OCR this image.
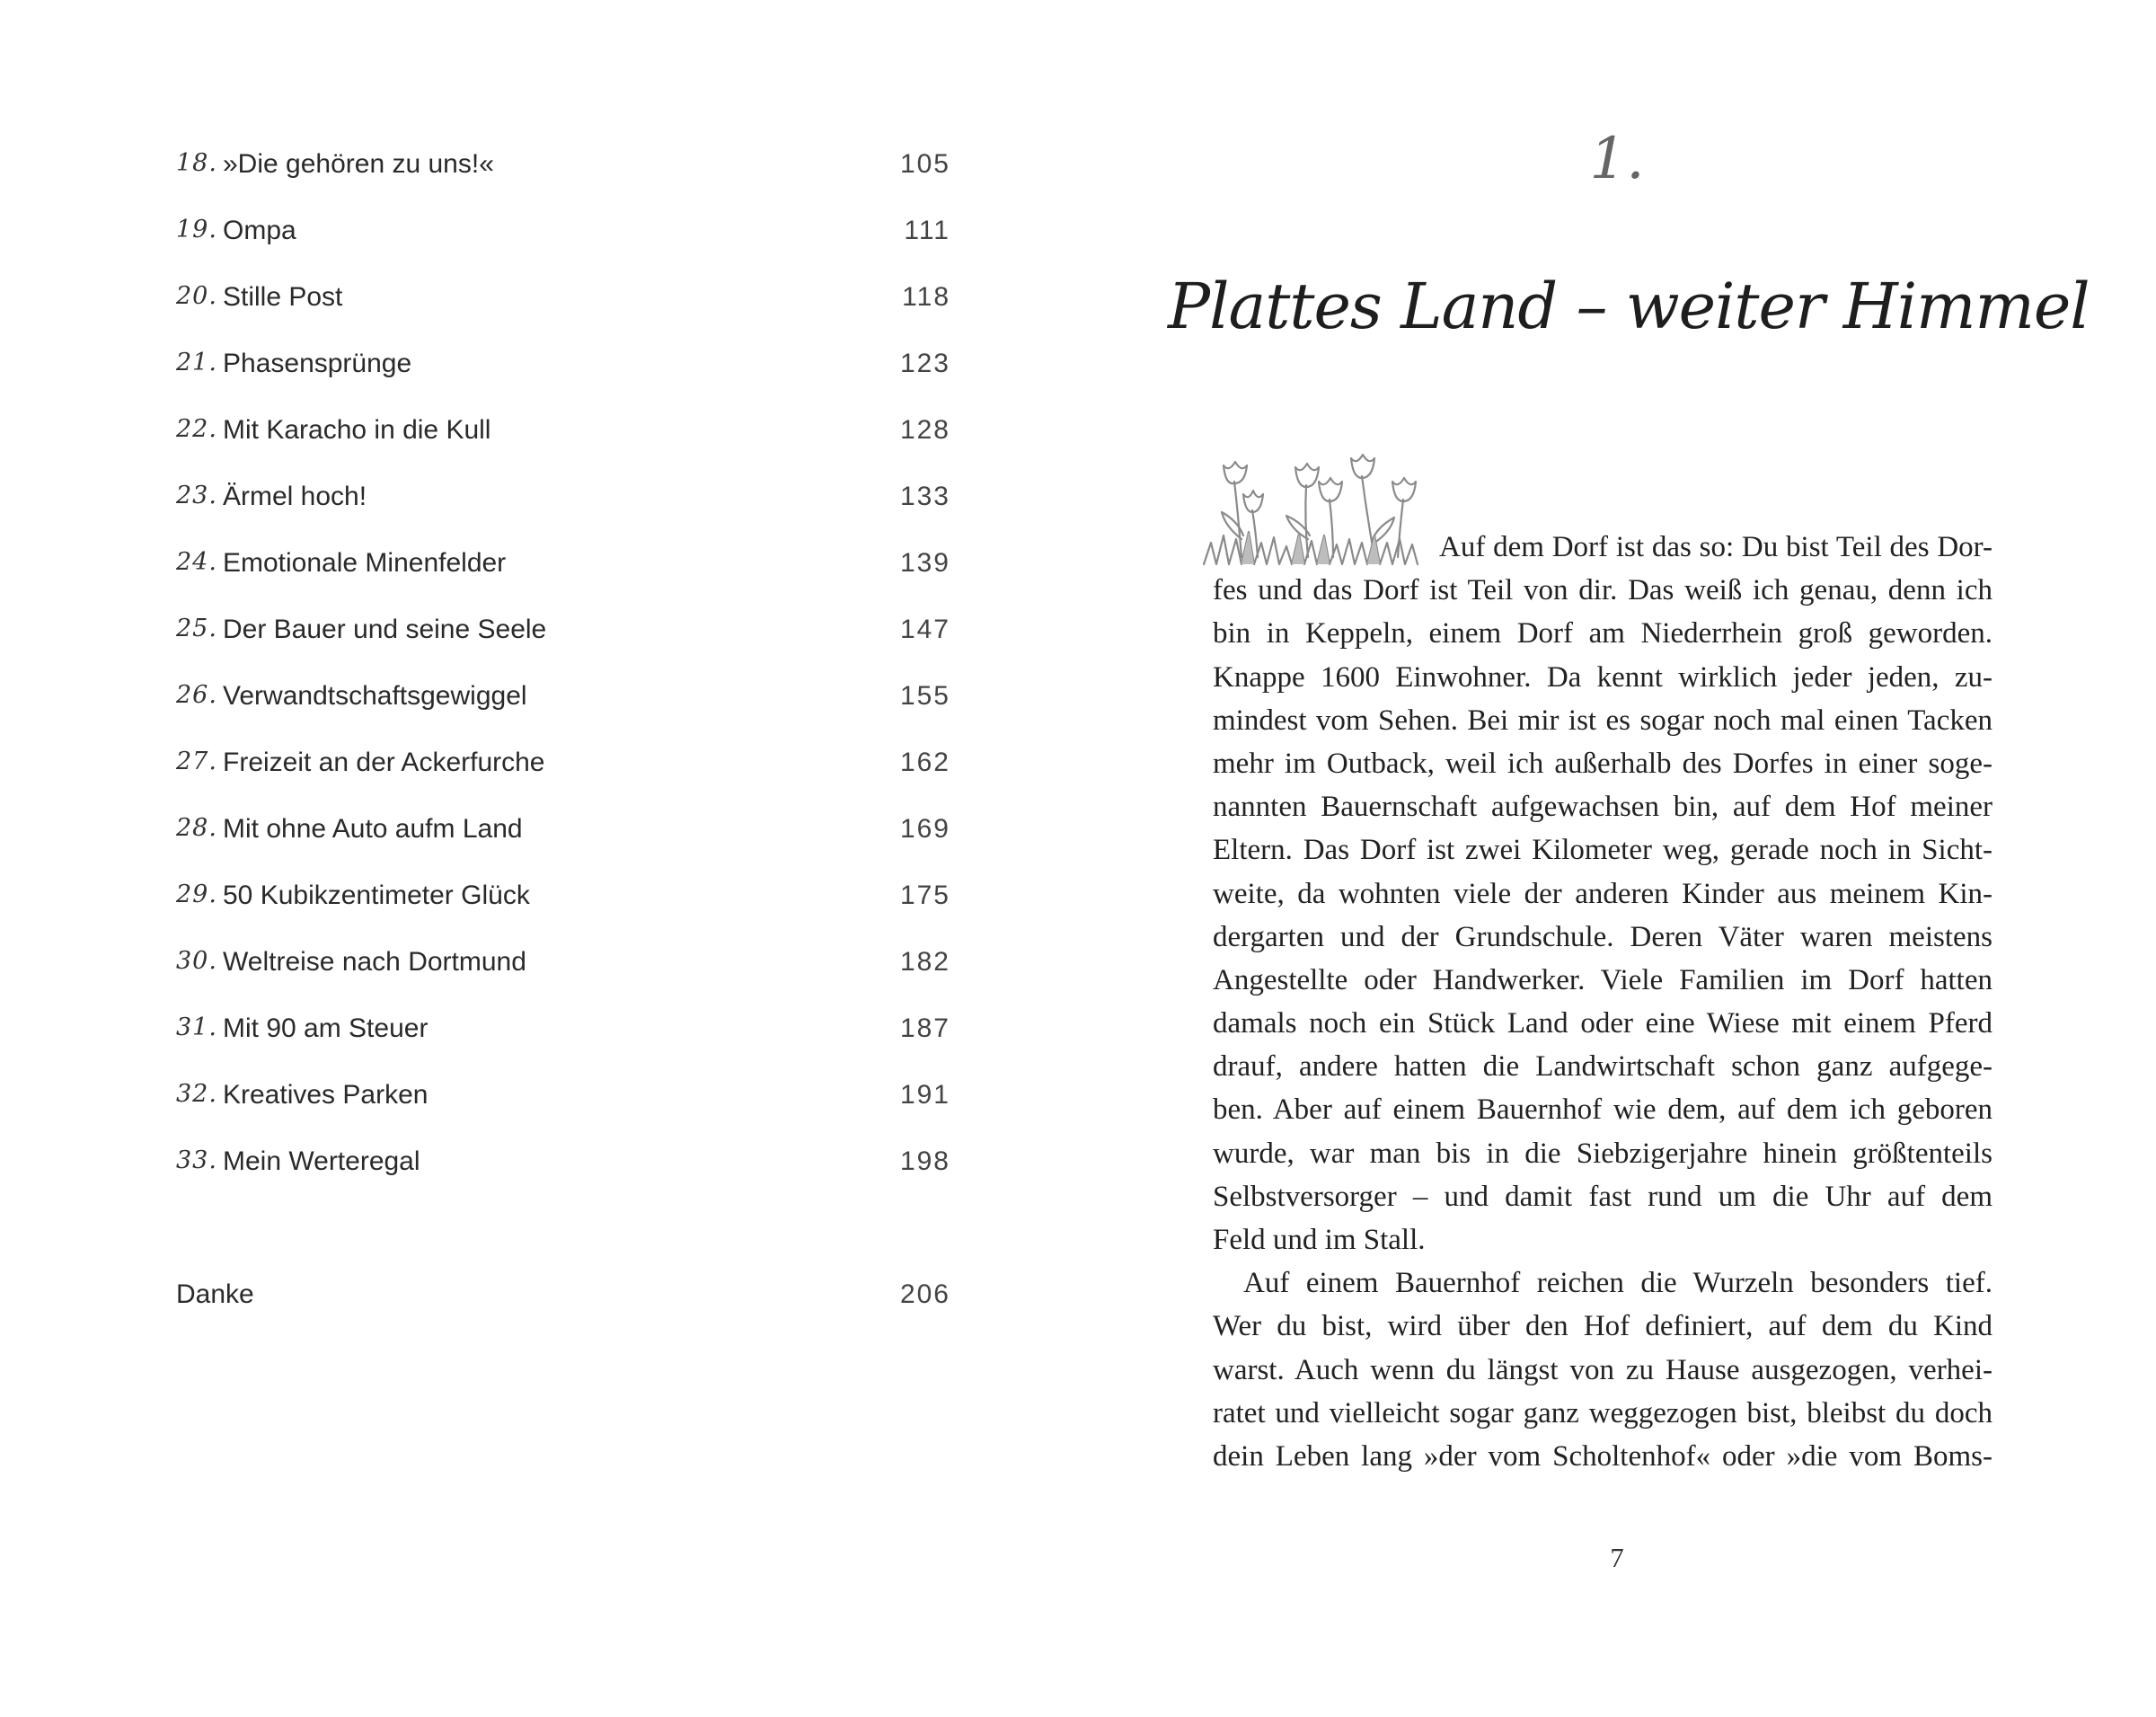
18. »Die gehören zu uns!«	105
19. Ompa	111
20. Stille Post	118
21. Phasensprünge	123
22. Mit Karacho in die Kull	128
23. Ärmel hoch!	133
24. Emotionale Minenfelder	139
25. Der Bauer und seine Seele	147
26. Verwandtschaftsgewiggel	155
27. Freizeit an der Ackerfurche	162
28. Mit ohne Auto aufm Land	169
29. 50 Kubikzentimeter Glück	175
30. Weltreise nach Dortmund	182
31. Mit 90 am Steuer	187
32. Kreatives Parken	191
33. Mein Werteregal	198
Danke	206
1.
Plattes Land – weiter Himmel
Auf dem Dorf ist das so: Du bist Teil des Dor-
fes und das Dorf ist Teil von dir. Das weiß ich genau, denn ich
bin in Keppeln, einem Dorf am Niederrhein groß geworden.
Knappe 1600 Einwohner. Da kennt wirklich jeder jeden, zu-
mindest vom Sehen. Bei mir ist es sogar noch mal einen Tacken
mehr im Outback, weil ich außerhalb des Dorfes in einer soge-
nannten Bauernschaft aufgewachsen bin, auf dem Hof meiner
Eltern. Das Dorf ist zwei Kilometer weg, gerade noch in Sicht-
weite, da wohnten viele der anderen Kinder aus meinem Kin-
dergarten und der Grundschule. Deren Väter waren meistens
Angestellte oder Handwerker. Viele Familien im Dorf hatten
damals noch ein Stück Land oder eine Wiese mit einem Pferd
drauf, andere hatten die Landwirtschaft schon ganz aufgege-
ben. Aber auf einem Bauernhof wie dem, auf dem ich geboren
wurde, war man bis in die Siebzigerjahre hinein größtenteils
Selbstversorger – und damit fast rund um die Uhr auf dem
Feld und im Stall.
Auf einem Bauernhof reichen die Wurzeln besonders tief.
Wer du bist, wird über den Hof definiert, auf dem du Kind
warst. Auch wenn du längst von zu Hause ausgezogen, verhei-
ratet und vielleicht sogar ganz weggezogen bist, bleibst du doch
dein Leben lang »der vom Scholtenhof« oder »die vom Boms-
7
